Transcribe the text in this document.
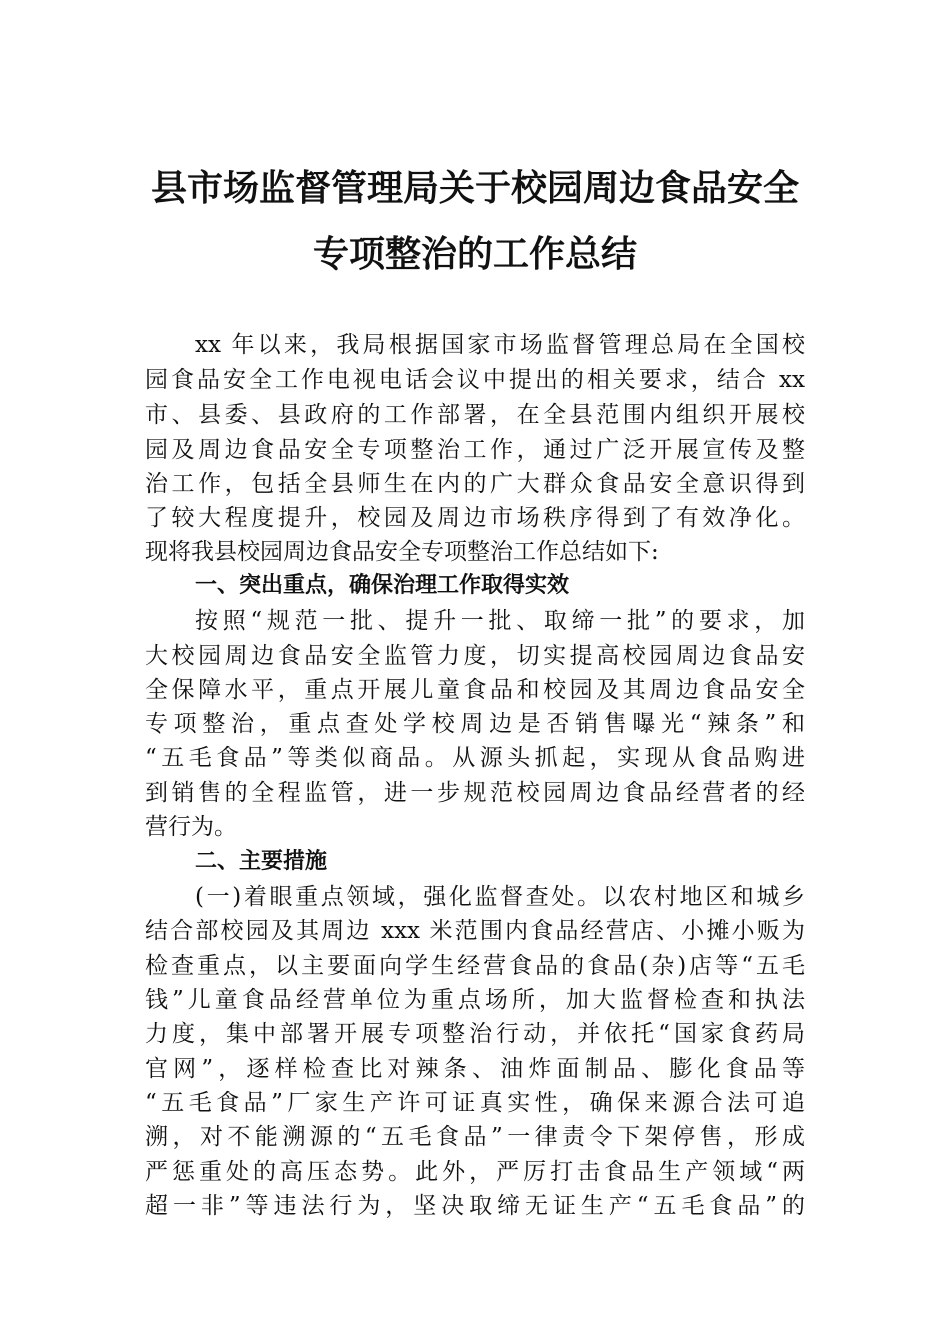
县市场监督管理局关于校园周边食品安全
专项整治的工作总结
xx 年以来，我局根据国家市场监督管理总局在全国校
园食品安全工作电视电话会议中提出的相关要求，结合 xx
市、县委、县政府的工作部署，在全县范围内组织开展校
园及周边食品安全专项整治工作，通过广泛开展宣传及整
治工作，包括全县师生在内的广大群众食品安全意识得到
了较大程度提升，校园及周边市场秩序得到了有效净化。
现将我县校园周边食品安全专项整治工作总结如下:
一、突出重点，确保治理工作取得实效
按照“规范一批、提升一批、取缔一批”的要求，加
大校园周边食品安全监管力度，切实提高校园周边食品安
全保障水平，重点开展儿童食品和校园及其周边食品安全
专项整治，重点查处学校周边是否销售曝光“辣条”和
“五毛食品”等类似商品。从源头抓起，实现从食品购进
到销售的全程监管，进一步规范校园周边食品经营者的经
营行为。
二、主要措施
(一)着眼重点领域，强化监督查处。以农村地区和城乡
结合部校园及其周边 xxx 米范围内食品经营店、小摊小贩为
检查重点，以主要面向学生经营食品的食品(杂)店等“五毛
钱”儿童食品经营单位为重点场所，加大监督检查和执法
力度，集中部署开展专项整治行动，并依托“国家食药局
官网”，逐样检查比对辣条、油炸面制品、膨化食品等
“五毛食品”厂家生产许可证真实性，确保来源合法可追
溯，对不能溯源的“五毛食品”一律责令下架停售，形成
严惩重处的高压态势。此外，严厉打击食品生产领域“两
超一非”等违法行为，坚决取缔无证生产“五毛食品”的
